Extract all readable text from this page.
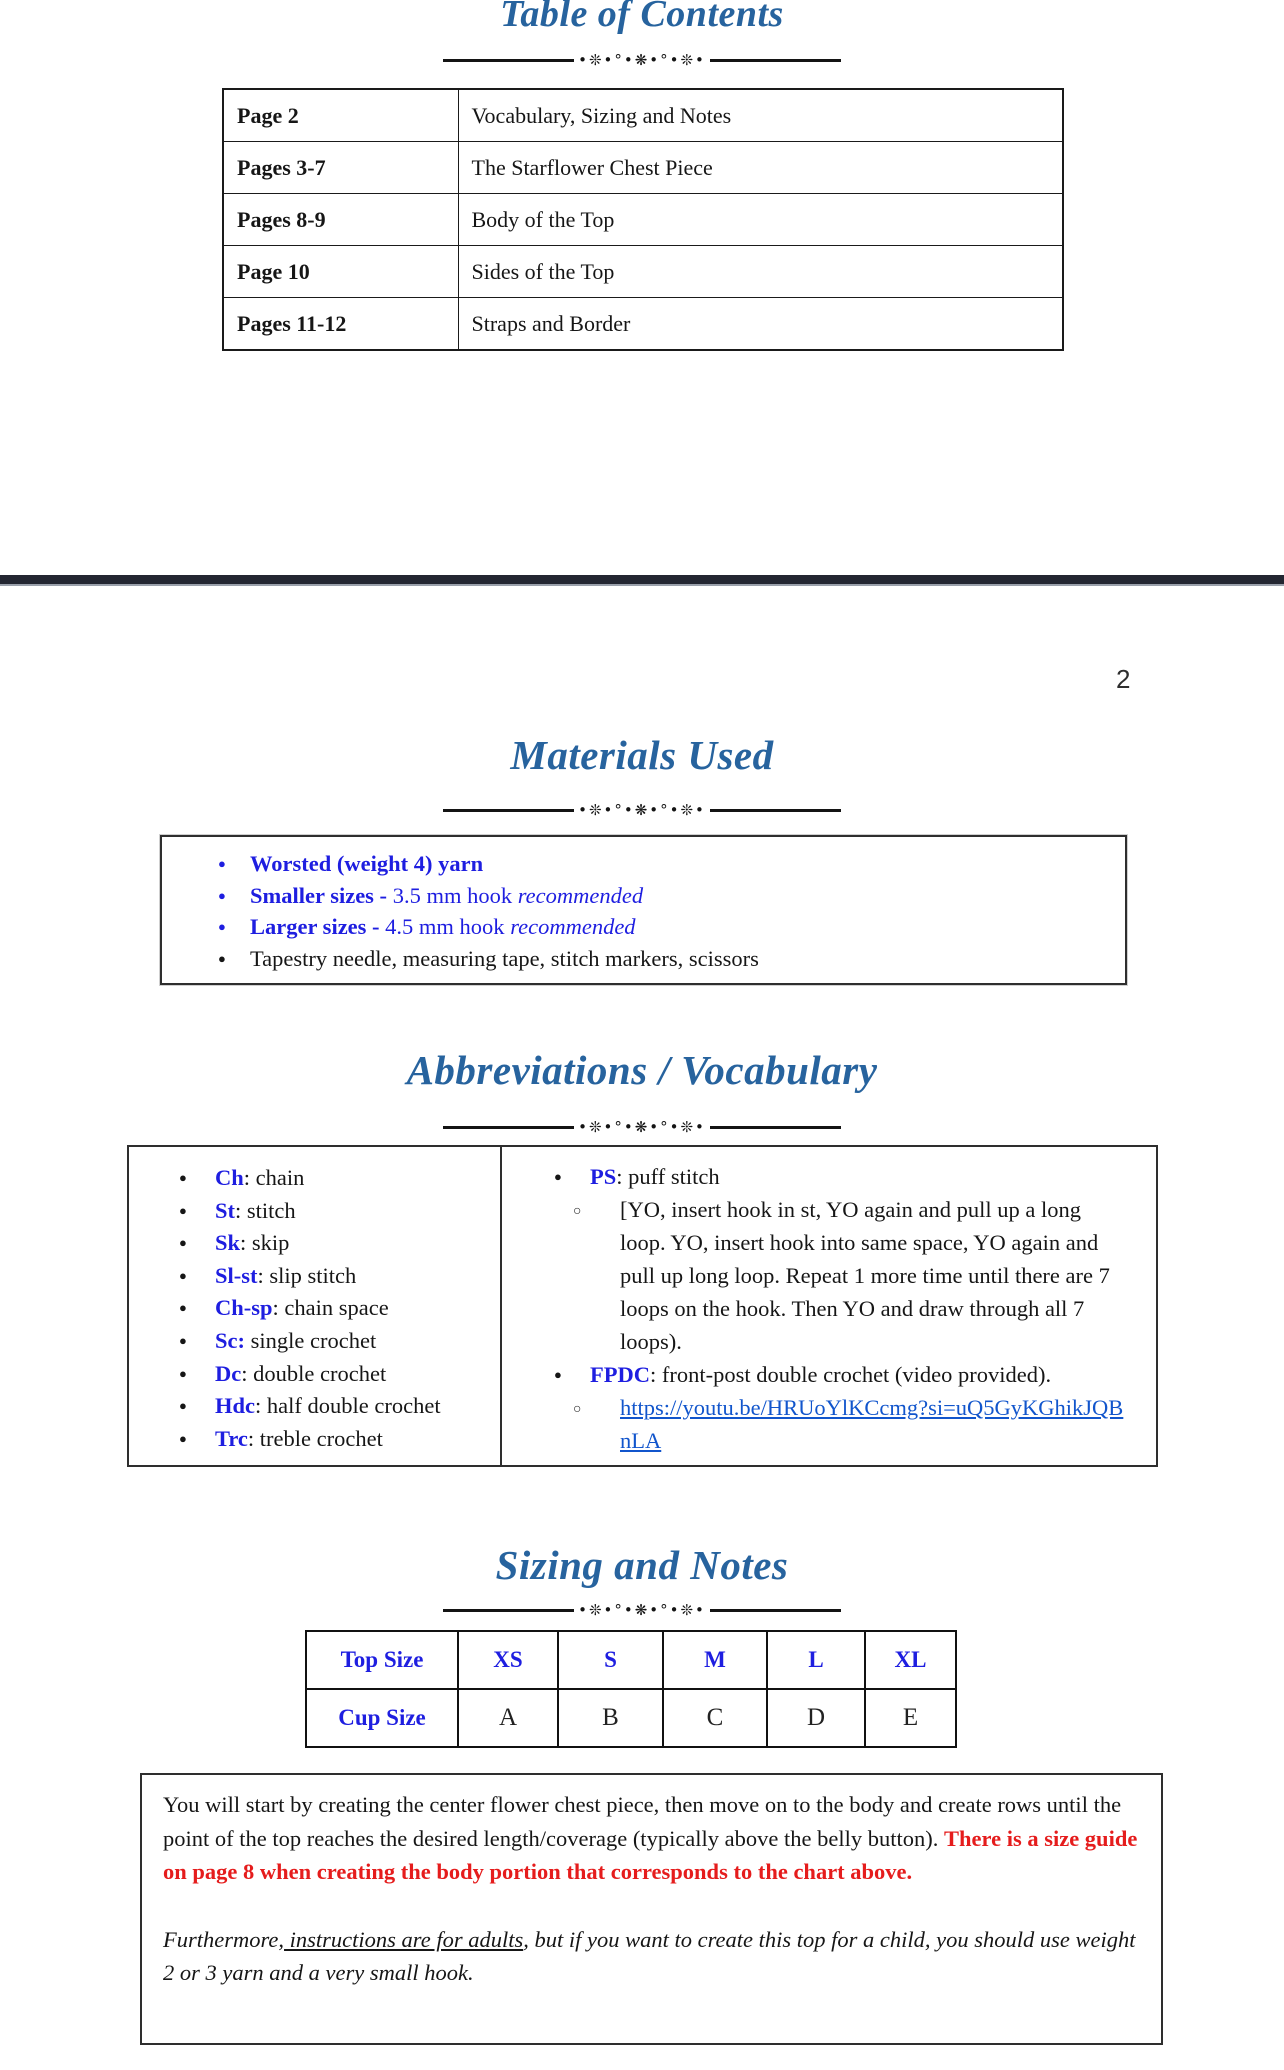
Table of Contents
•❊•°•❋•°•❊•
Page 2	Vocabulary, Sizing and Notes
Pages 3-7	The Starflower Chest Piece
Pages 8-9	Body of the Top
Page 10	Sides of the Top
Pages 11-12	Straps and Border
2
Materials Used
•❊•°•❋•°•❊•
●
Worsted (weight 4) yarn
●
Smaller sizes - 3.5 mm hook recommended
●
Larger sizes - 4.5 mm hook recommended
●
Tapestry needle, measuring tape, stitch markers, scissors
Abbreviations / Vocabulary
•❊•°•❋•°•❊•
●
Ch: chain
●
St: stitch
●
Sk: skip
●
Sl-st: slip stitch
●
Ch-sp: chain space
●
Sc: single crochet
●
Dc: double crochet
●
Hdc: half double crochet
●
Trc: treble crochet
●
PS: puff stitch
○
[YO, insert hook in st, YO again and pull up a long loop. YO, insert hook into same space, YO again and pull up long loop. Repeat 1 more time until there are 7 loops on the hook. Then YO and draw through all 7 loops).
●
FPDC: front-post double crochet (video provided).
○
https://youtu.be/HRUoYlKCcmg?si=uQ5GyKGhikJQBnLA
Sizing and Notes
•❊•°•❋•°•❊•
Top Size	XS	S	M	L	XL
Cup Size	A	B	C	D	E

You will start by creating the center flower chest piece, then move on to the body and create rows until the point of the top reaches the desired length/coverage (typically above the belly button). There is a size guide on page 8 when creating the body portion that corresponds to the chart above.

Furthermore, instructions are for adults, but if you want to create this top for a child, you should use weight 2 or 3 yarn and a very small hook.
